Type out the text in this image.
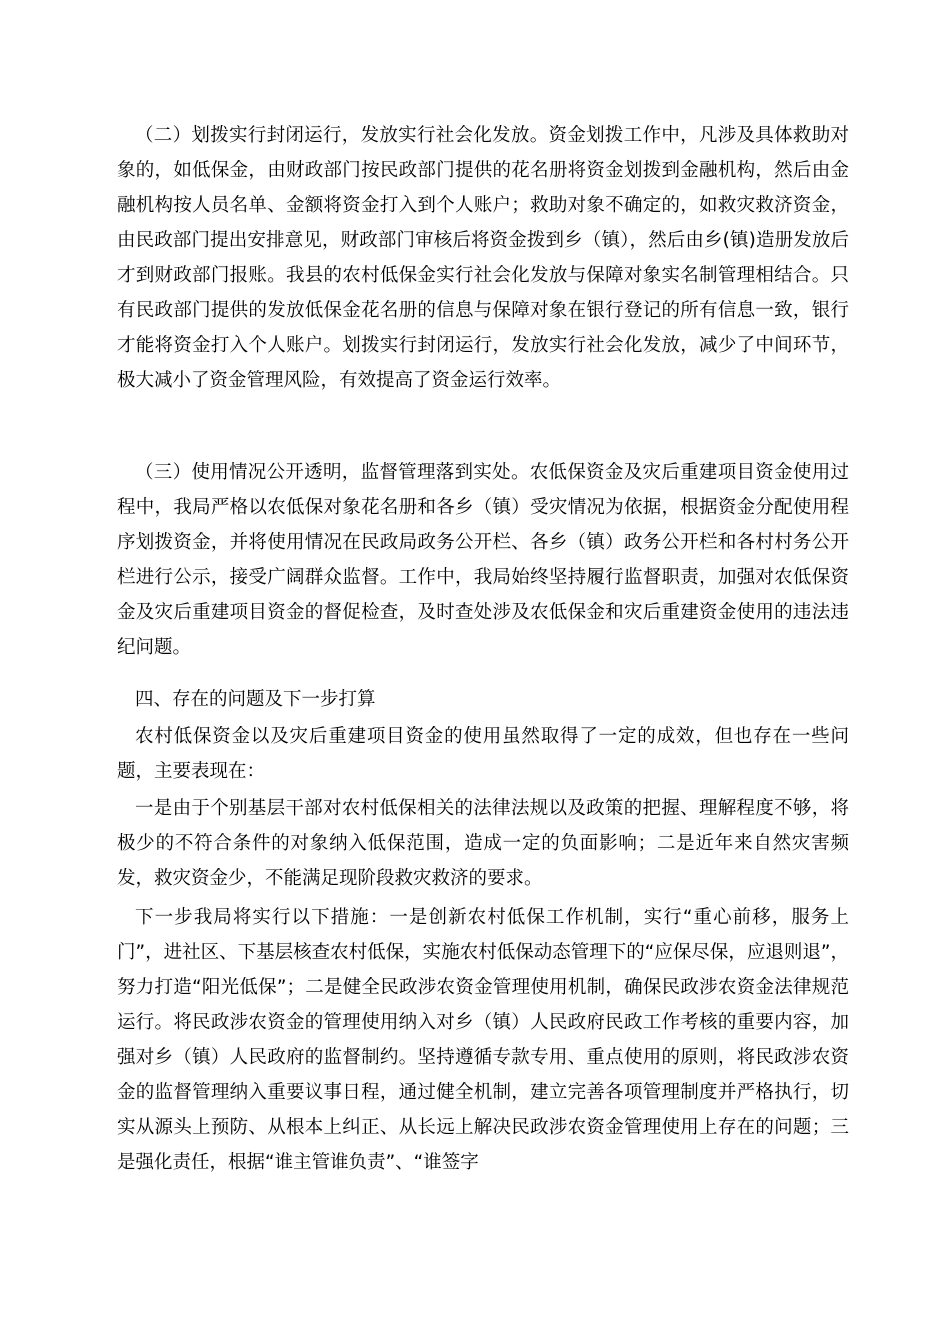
（二）划拨实行封闭运行，发放实行社会化发放。资金划拨工作中，凡涉及具体救助对象的，如低保金，由财政部门按民政部门提供的花名册将资金划拨到金融机构，然后由金融机构按人员名单、金额将资金打入到个人账户；救助对象不确定的，如救灾救济资金，由民政部门提出安排意见，财政部门审核后将资金拨到乡（镇），然后由乡(镇)造册发放后才到财政部门报账。我县的农村低保金实行社会化发放与保障对象实名制管理相结合。只有民政部门提供的发放低保金花名册的信息与保障对象在银行登记的所有信息一致，银行才能将资金打入个人账户。划拨实行封闭运行，发放实行社会化发放，减少了中间环节，极大减小了资金管理风险，有效提高了资金运行效率。

（三）使用情况公开透明，监督管理落到实处。农低保资金及灾后重建项目资金使用过程中，我局严格以农低保对象花名册和各乡（镇）受灾情况为依据，根据资金分配使用程序划拨资金，并将使用情况在民政局政务公开栏、各乡（镇）政务公开栏和各村村务公开栏进行公示，接受广阔群众监督。工作中，我局始终坚持履行监督职责，加强对农低保资金及灾后重建项目资金的督促检查，及时查处涉及农低保金和灾后重建资金使用的违法违纪问题。

四、存在的问题及下一步打算

农村低保资金以及灾后重建项目资金的使用虽然取得了一定的成效，但也存在一些问题，主要表现在：

一是由于个别基层干部对农村低保相关的法律法规以及政策的把握、理解程度不够，将极少的不符合条件的对象纳入低保范围，造成一定的负面影响；二是近年来自然灾害频发，救灾资金少，不能满足现阶段救灾救济的要求。

下一步我局将实行以下措施：一是创新农村低保工作机制，实行“重心前移，服务上门”，进社区、下基层核查农村低保，实施农村低保动态管理下的“应保尽保，应退则退”，努力打造“阳光低保”；二是健全民政涉农资金管理使用机制，确保民政涉农资金法律规范运行。将民政涉农资金的管理使用纳入对乡（镇）人民政府民政工作考核的重要内容，加强对乡（镇）人民政府的监督制约。坚持遵循专款专用、重点使用的原则，将民政涉农资金的监督管理纳入重要议事日程，通过健全机制，建立完善各项管理制度并严格执行，切实从源头上预防、从根本上纠正、从长远上解决民政涉农资金管理使用上存在的问题；三是强化责任，根据“谁主管谁负责”、“谁签字
